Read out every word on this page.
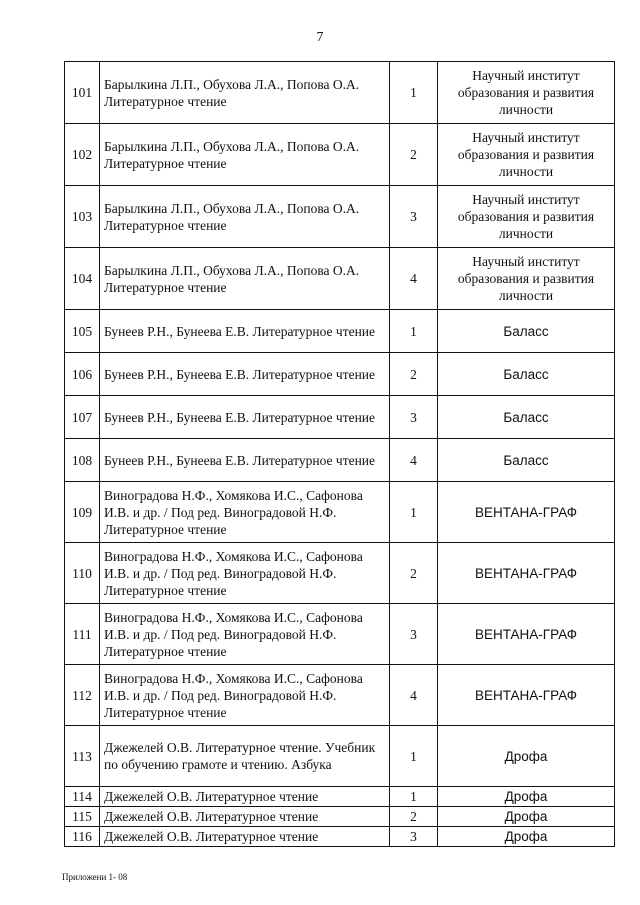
7
101	Барылкина Л.П., Обухова Л.А., Попова О.А. Литературное чтение	1	Научный институт образования и развития личности
102	Барылкина Л.П., Обухова Л.А., Попова О.А. Литературное чтение	2	Научный институт образования и развития личности
103	Барылкина Л.П., Обухова Л.А., Попова О.А. Литературное чтение	3	Научный институт образования и развития личности
104	Барылкина Л.П., Обухова Л.А., Попова О.А. Литературное чтение	4	Научный институт образования и развития личности
105	Бунеев Р.Н., Бунеева Е.В. Литературное чтение	1	Баласс
106	Бунеев Р.Н., Бунеева Е.В. Литературное чтение	2	Баласс
107	Бунеев Р.Н., Бунеева Е.В. Литературное чтение	3	Баласс
108	Бунеев Р.Н., Бунеева Е.В. Литературное чтение	4	Баласс
109	Виноградова Н.Ф., Хомякова И.С., Сафонова И.В. и др. / Под ред. Виноградовой Н.Ф. Литературное чтение	1	ВЕНТАНА-ГРАФ
110	Виноградова Н.Ф., Хомякова И.С., Сафонова И.В. и др. / Под ред. Виноградовой Н.Ф. Литературное чтение	2	ВЕНТАНА-ГРАФ
111	Виноградова Н.Ф., Хомякова И.С., Сафонова И.В. и др. / Под ред. Виноградовой Н.Ф. Литературное чтение	3	ВЕНТАНА-ГРАФ
112	Виноградова Н.Ф., Хомякова И.С., Сафонова И.В. и др. / Под ред. Виноградовой Н.Ф. Литературное чтение	4	ВЕНТАНА-ГРАФ
113	Джежелей О.В. Литературное чтение. Учебник по обучению грамоте и чтению. Азбука	1	Дрофа
114	Джежелей О.В. Литературное чтение	1	Дрофа
115	Джежелей О.В. Литературное чтение	2	Дрофа
116	Джежелей О.В. Литературное чтение	3	Дрофа
Приложени 1- 08
